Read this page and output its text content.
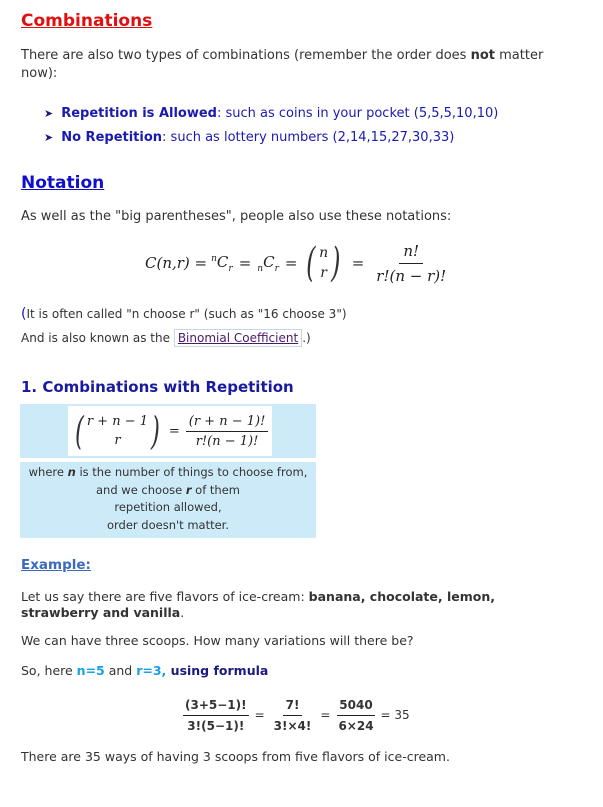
Combinations
There are also two types of combinations (remember the order does not matter now):
➤ Repetition is Allowed: such as coins in your pocket (5,5,5,10,10)
➤ No Repetition: such as lottery numbers (2,14,15,27,30,33)
Notation
As well as the "big parentheses", people also use these notations:
$C(n,r) = ^nC_r = _nC_r$ = ( n
r ) = $\frac{n!}{r!(n - r)!}$
(It is often called "n choose r" (such as "16 choose 3")
And is also known as the Binomial Coefficient .)
1. Combinations with Repetition
( r + n − 1
r ) = $\frac{(r + n - 1)!}{r!(n - 1)!}$
where n is the number of things to choose from,
and we choose r of them
repetition allowed,
order doesn't matter.
Example:
Let us say there are five flavors of ice-cream: banana, chocolate, lemon, strawberry and vanilla.
We can have three scoops. How many variations will there be?
So, here n=5 and r=3, using formula
$\frac{(3+5-1)!}{3!(5-1)!} = \frac{7!}{3!\times 4!} = \frac{5040}{6\times 24} = 35$
There are 35 ways of having 3 scoops from five flavors of ice-cream.
